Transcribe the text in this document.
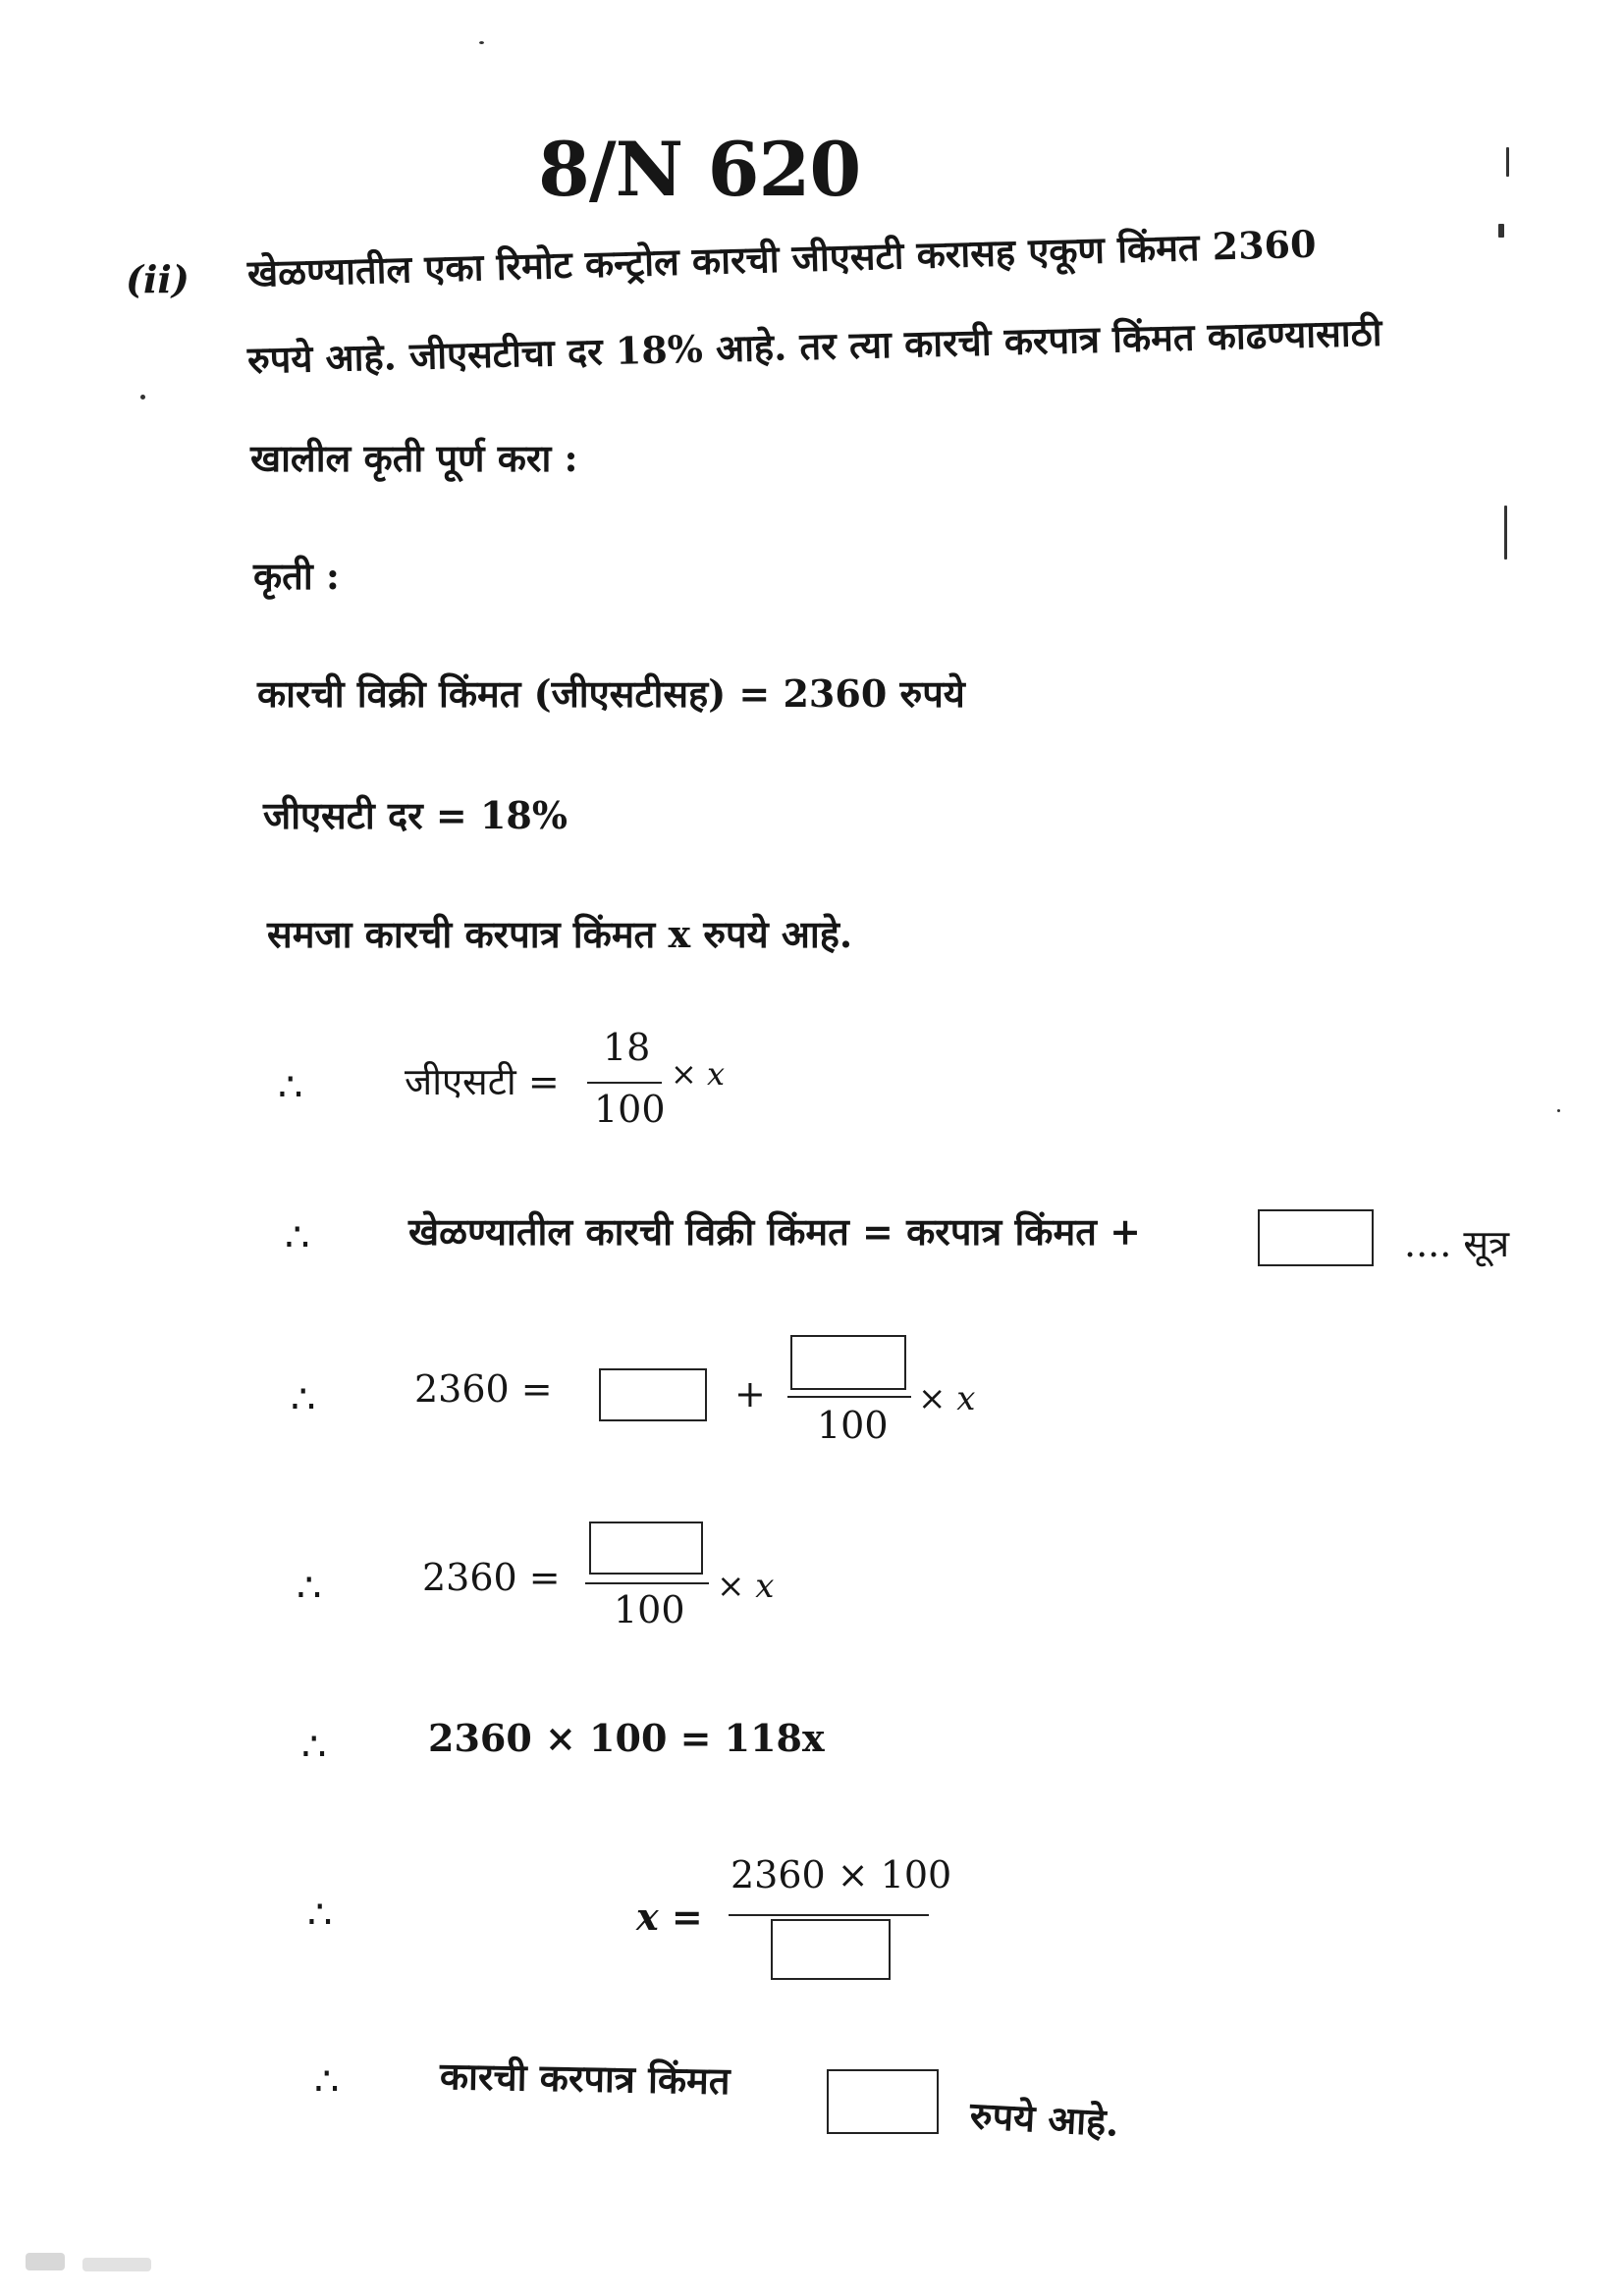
8/N 620
(ii) खेळण्यातील एका रिमोट कन्ट्रोल कारची जीएसटी करासह एकूण किंमत 2360
रुपये आहे. जीएसटीचा दर 18% आहे. तर त्या कारची करपात्र किंमत काढण्यासाठी
खालील कृती पूर्ण करा :
कृती :
कारची विक्री किंमत (जीएसटीसह) = 2360 रुपये
जीएसटी दर = 18%
समजा कारची करपात्र किंमत x रुपये आहे.
∴	जीएसटी =
18
100
× x
∴	खेळण्यातील कारची विक्री किंमत = करपात्र किंमत +	.... सूत्र
∴	2360 =	+
100
× x
∴	2360 =
100
× x
∴	2360 × 100 = 118x
∴	x =
2360 × 100
∴	कारची करपात्र किंमत
रुपये आहे.
